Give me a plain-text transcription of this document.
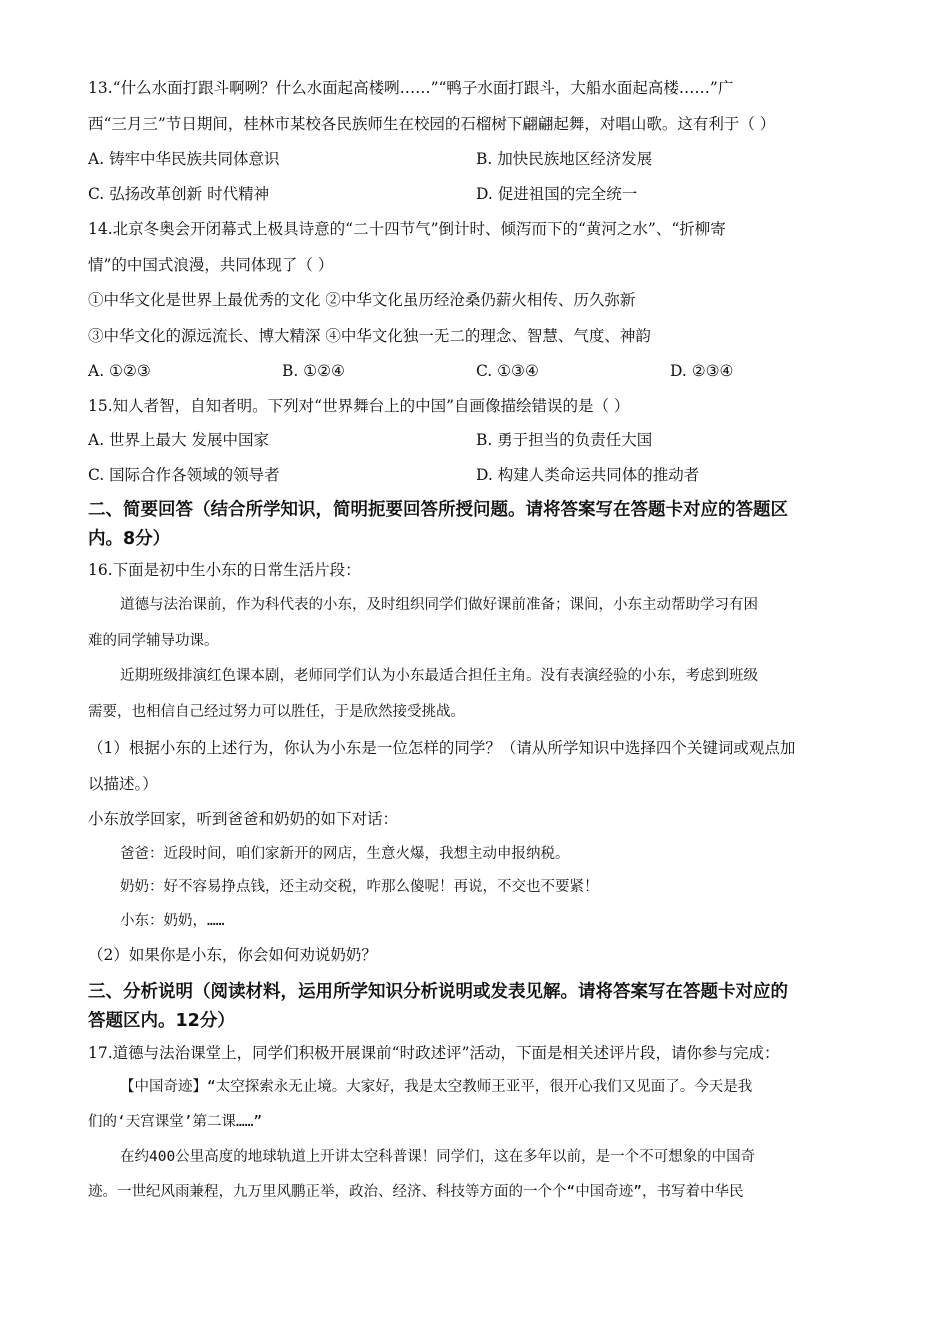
13.“什么水面打跟斗啊咧？什么水面起高楼咧……”“鸭子水面打跟斗，大船水面起高楼……”广
西“三月三”节日期间，桂林市某校各民族师生在校园的石榴树下翩翩起舞，对唱山歌。这有利于（ ）
A. 铸牢中华民族共同体意识	B. 加快民族地区经济发展
C. 弘扬改革创新 时代精神	D. 促进祖国的完全统一
14.北京冬奥会开闭幕式上极具诗意的“二十四节气”倒计时、倾泻而下的“黄河之水”、“折柳寄
情”的中国式浪漫，共同体现了（ ）
①中华文化是世界上最优秀的文化 ②中华文化虽历经沧桑仍薪火相传、历久弥新
③中华文化的源远流长、博大精深 ④中华文化独一无二的理念、智慧、气度、神韵
A. ①②③	B. ①②④	C. ①③④	D. ②③④
15.知人者智，自知者明。下列对“世界舞台上的中国”自画像描绘错误的是（ ）
A. 世界上最大 发展中国家	B. 勇于担当的负责任大国
C. 国际合作各领域的领导者	D. 构建人类命运共同体的推动者
二、简要回答（结合所学知识，简明扼要回答所授问题。请将答案写在答题卡对应的答题区
内。8分）
16.下面是初中生小东的日常生活片段：
道德与法治课前，作为科代表的小东，及时组织同学们做好课前准备；课间，小东主动帮助学习有困
难的同学辅导功课。
近期班级排演红色课本剧，老师同学们认为小东最适合担任主角。没有表演经验的小东，考虑到班级
需要，也相信自己经过努力可以胜任，于是欣然接受挑战。
（1）根据小东的上述行为，你认为小东是一位怎样的同学？（请从所学知识中选择四个关键词或观点加
以描述。）
小东放学回家，听到爸爸和奶奶的如下对话：
爸爸：近段时间，咱们家新开的网店，生意火爆，我想主动申报纳税。
奶奶：好不容易挣点钱，还主动交税，咋那么傻呢！再说，不交也不要紧！
小东：奶奶，……
（2）如果你是小东，你会如何劝说奶奶？
三、分析说明（阅读材料，运用所学知识分析说明或发表见解。请将答案写在答题卡对应的
答题区内。12分）
17.道德与法治课堂上，同学们积极开展课前“时政述评”活动，下面是相关述评片段，请你参与完成：
【中国奇迹】“太空探索永无止境。大家好，我是太空教师王亚平，很开心我们又见面了。今天是我
们的‘天宫课堂’第二课……”
在约400公里高度的地球轨道上开讲太空科普课！同学们，这在多年以前，是一个不可想象的中国奇
迹。一世纪风雨兼程，九万里风鹏正举，政治、经济、科技等方面的一个个“中国奇迹”，书写着中华民
